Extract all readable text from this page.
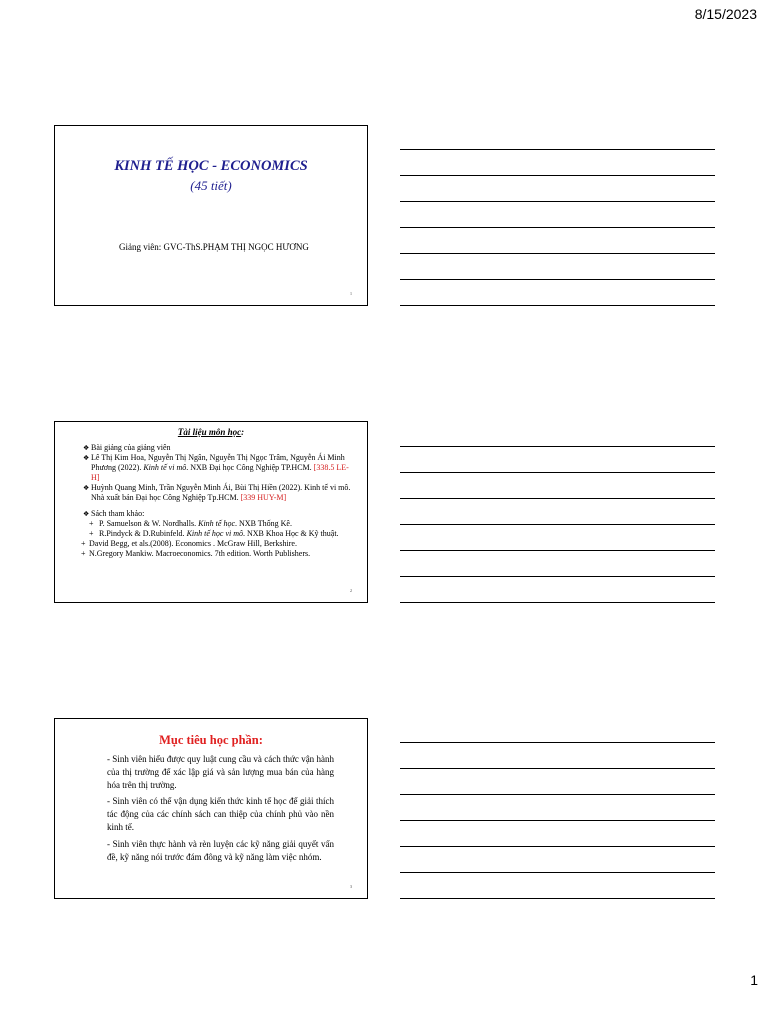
8/15/2023
KINH TẾ HỌC - ECONOMICS
(45 tiết)
Giảng viên: GVC-ThS.PHẠM THỊ NGỌC HƯƠNG
1
Tài liệu môn học:
❖ Bài giảng của giảng viên
❖ Lê Thị Kim Hoa, Nguyễn Thị Ngân, Nguyễn Thị Ngọc Trâm, Nguyễn Ái Minh Phương (2022). Kinh tế vi mô. NXB Đại học Công Nghiệp TP.HCM. [338.5 LE-H]
❖ Huỳnh Quang Minh, Trần Nguyễn Minh Ái, Bùi Thị Hiền (2022). Kinh tế vi mô. Nhà xuất bản Đại học Công Nghiệp Tp.HCM. [339 HUY-M]
❖ Sách tham khảo:
+ P. Samuelson & W. Nordhalls. Kinh tế học. NXB Thống Kê.
+ R.Pindyck & D.Rubinfeld. Kinh tế học vi mô. NXB Khoa Học & Kỹ thuật.
+ David Begg, et als.(2008). Economics . McGraw Hill, Berkshire.
+ N.Gregory Mankiw. Macroeconomics. 7th edition. Worth Publishers.
2
Mục tiêu học phần:

- Sinh viên hiểu được quy luật cung cầu và cách thức vận hành của thị trường để xác lập giá và sản lượng mua bán của hàng hóa trên thị trường.

- Sinh viên có thể vận dụng kiến thức kinh tế học để giải thích tác động của các chính sách can thiệp của chính phủ vào nền kinh tế.

- Sinh viên thực hành và rèn luyện các kỹ năng giải quyết vấn đề, kỹ năng nói trước đám đông và kỹ năng làm việc nhóm.

3
1
